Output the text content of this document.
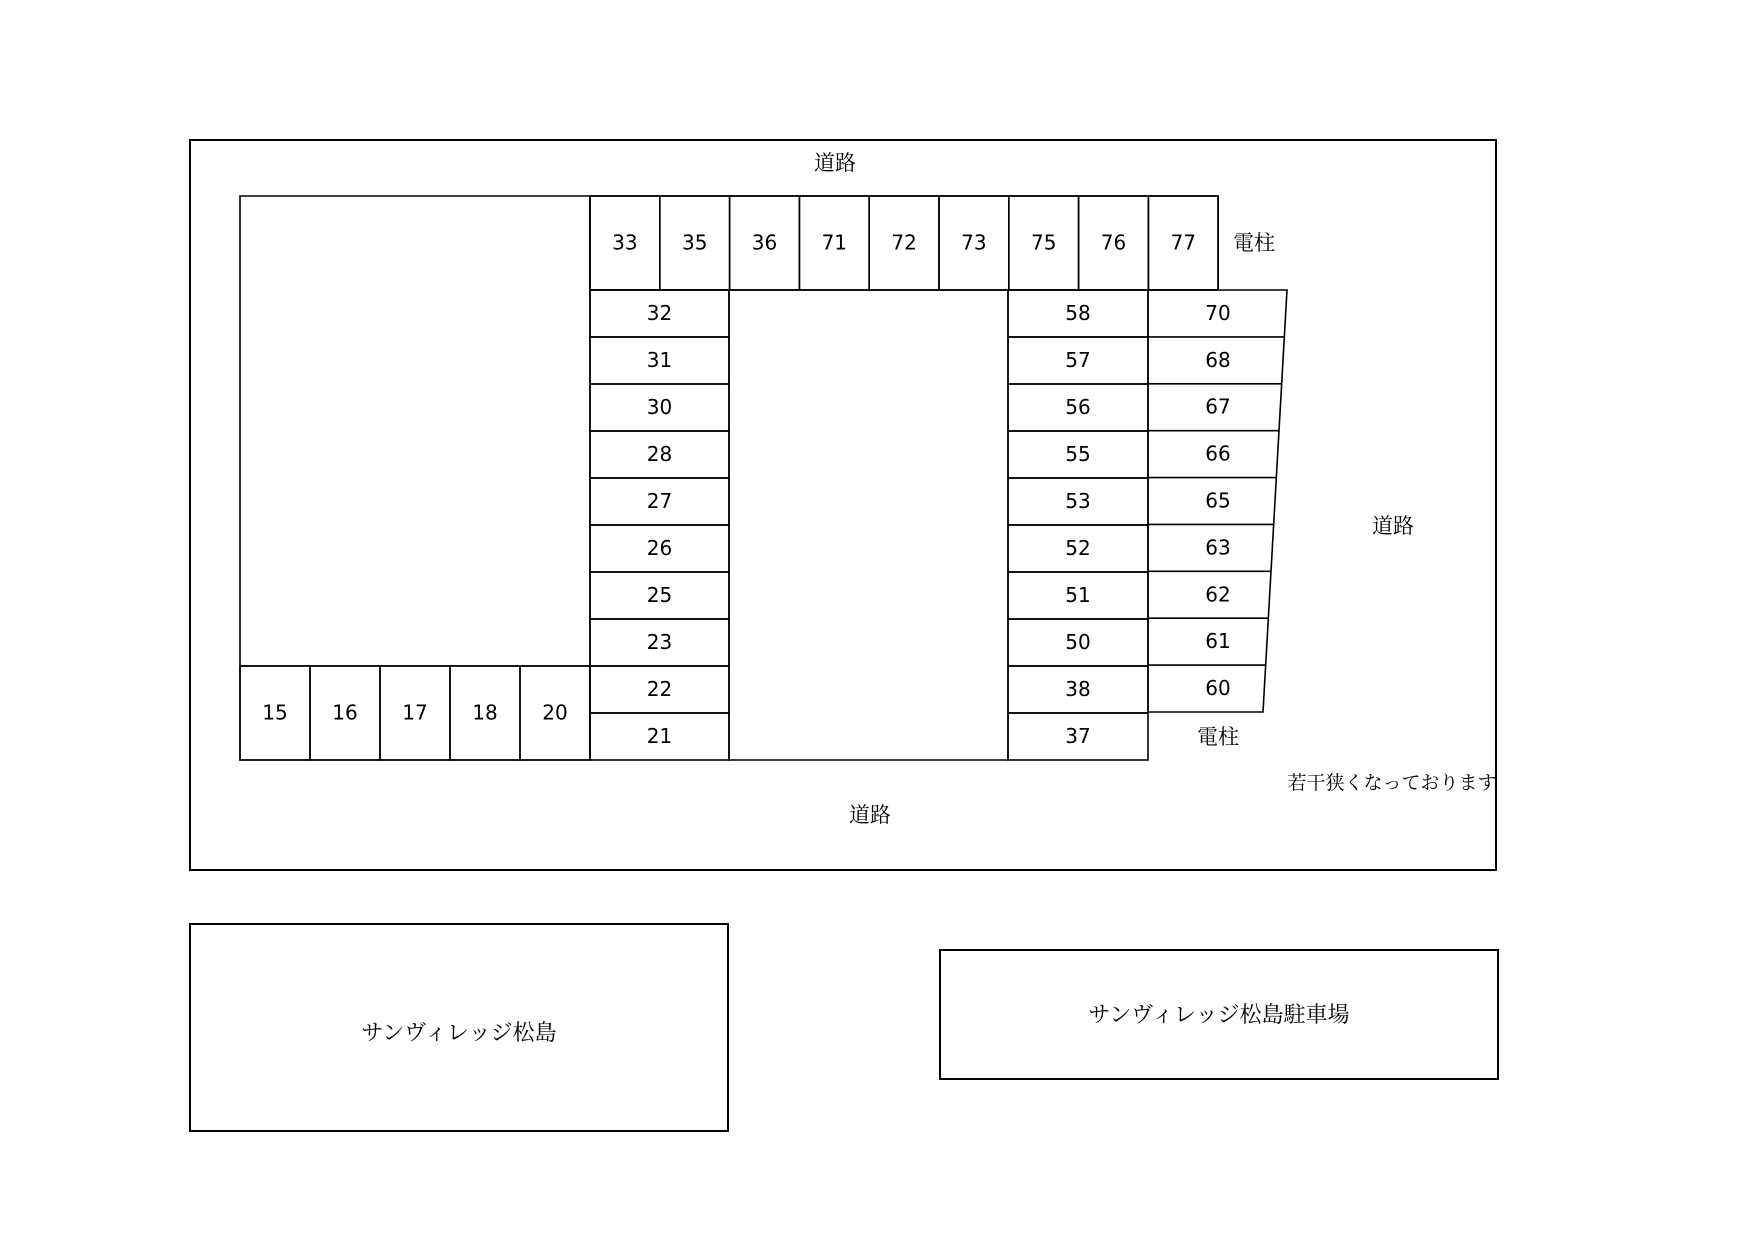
33 35 36 71 72 73 75 76 77
32
31
30
28
27
26
25
23
22
21
15 16 17 18 20
58
57
56
55
53
52
51
50
38
37
70
68
67
66
65
63
62
61
60
道路
電柱
道路
電柱
若干狭くなっております
道路
サンヴィレッジ松島
サンヴィレッジ松島駐車場
